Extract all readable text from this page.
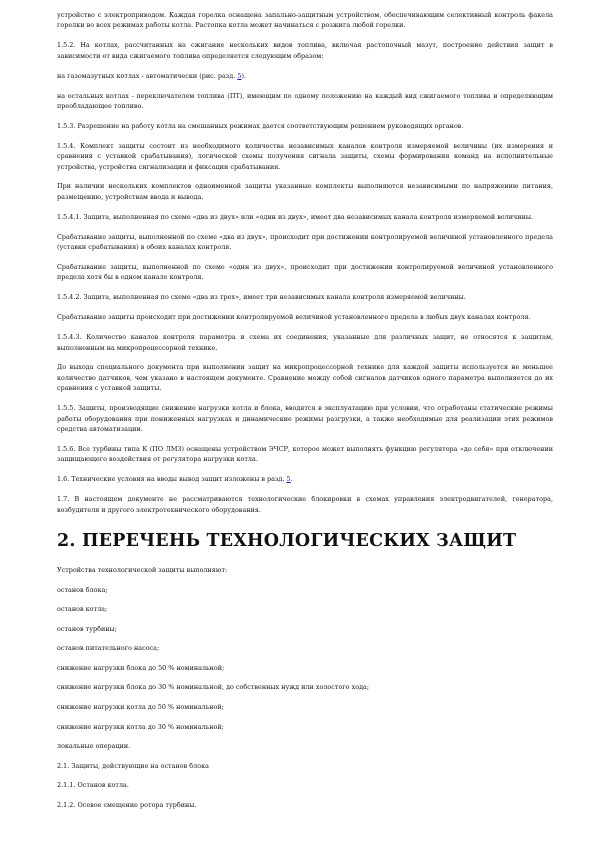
устройство с электроприводом. Каждая горелка оснащена запально-защитным устройством, обеспечивающим селективный контроль факела горелки во всех режимах работы котла. Растопка котла может начинаться с розжига любой горелки.

1.5.2. На котлах, рассчитанных на сжигание нескольких видов топлива, включая растопочный мазут, построение действия защит в зависимости от вида сжигаемого топлива определяется следующим образом:

на газомазутных котлах - автоматически (рис. разд. 5).

на остальных котлах - переключателем топлива (ПТ), имеющим по одному положению на каждый вид сжигаемого топлива и определяющим преобладающее топливо.

1.5.3. Разрешение на работу котла на смешанных режимах дается соответствующим решением руководящих органов.

1.5.4. Комплект защиты состоит из необходимого количества независимых каналов контроля измеряемой величины (их измерения и сравнения с уставкой срабатывания), логической схемы получения сигнала защиты, схемы формирования команд на исполнительные устройства, устройства сигнализации и фиксации срабатывания.

При наличии нескольких комплектов одноименной защиты указанные комплекты выполняются независимыми по напряжению питания, размещению, устройствам ввода и вывода.

1.5.4.1. Защита, выполненная по схеме «два из двух» или «один из двух», имеет два независимых канала контроля измеряемой величины.

Срабатывание защиты, выполненной по схеме «два из двух», происходит при достижении контролируемой величиной установленного предела (уставки срабатывания) в обоих каналах контроля.

Срабатывание защиты, выполненной по схеме «один из двух», происходит при достижении контролируемой величиной установленного предела хотя бы в одном канале контроля.

1.5.4.2. Защита, выполненная по схеме «два из трех», имеет три независимых канала контроля измеряемой величины.

Срабатывание защиты происходит при достижении контролируемой величиной установленного предела в любых двух каналах контроля.

1.5.4.3. Количество каналов контроля параметра и схема их соединения, указанные для различных защит, не относятся к защитам, выполненным на микропроцессорной технике.

До выхода специального документа при выполнении защит на микропроцессорной технике для каждой защиты используется не меньшее количество датчиков, чем указано в настоящем документе. Сравнение между собой сигналов датчиков одного параметра выполняется до их сравнения с уставкой защиты.

1.5.5. Защиты, производящие снижение нагрузки котла и блока, вводятся в эксплуатацию при условии, что отработаны статические режимы работы оборудования при пониженных нагрузках и динамические режимы разгрузки, а также необходимые для реализации этих режимов средства автоматизации.

1.5.6. Все турбины типа К (ПО ЛМЗ) оснащены устройством ЭЧСР, которое может выполнять функцию регулятора «до себя» при отключении защищающего воздействия от регулятора нагрузки котла.

1.6. Технические условия на вводы вывод защит изложены в разд. 5.

1.7. В настоящем документе не рассматриваются технологические блокировки в схемах управления электродвигателей, генератора, возбудителя и другого электротехнического оборудования.

2. ПЕРЕЧЕНЬ ТЕХНОЛОГИЧЕСКИХ ЗАЩИТ

Устройства технологической защиты выполняют:

останов блока;

останов котла;

останов турбины;

останов питательного насоса;

снижение нагрузки блока до 50 % номинальной;

снижение нагрузки блока до 30 % номинальной, до собственных нужд или холостого хода;

снижение нагрузки котла до 50 % номинальной;

снижение нагрузки котла до 30 % номинальной;

локальные операции.

2.1. Защиты, действующие на останов блока

2.1.1. Останов котла.

2.1.2. Осевое смещение ротора турбины.
